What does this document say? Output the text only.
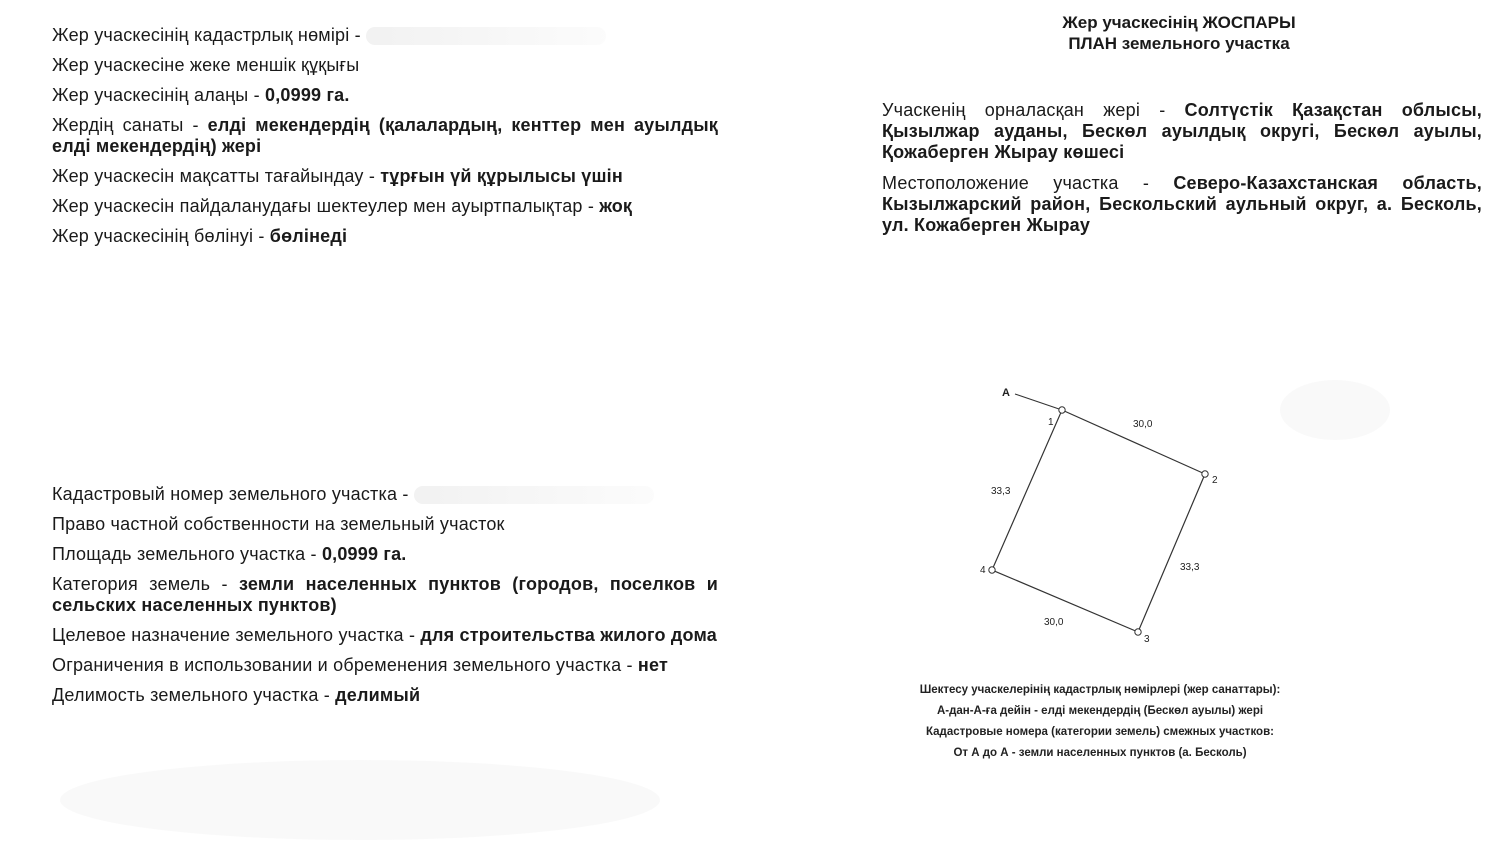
Жер учаскесінің кадастрлық нөмірі -

Жер учаскесіне жеке меншік құқығы

Жер учаскесінің алаңы - 0,0999 га.

Жердің санаты - елді мекендердің (қалалардың, кенттер мен ауылдық елді мекендердің) жері

Жер учаскесін мақсатты тағайындау - тұрғын үй құрылысы үшін

Жер учаскесін пайдаланудағы шектеулер мен ауыртпалықтар - жоқ

Жер учаскесінің бөлінуі - бөлінеді

Кадастровый номер земельного участка -

Право частной собственности на земельный участок

Площадь земельного участка - 0,0999 га.

Категория земель - земли населенных пунктов (городов, поселков и сельских населенных пунктов)

Целевое назначение земельного участка - для строительства жилого дома

Ограничения в использовании и обременения земельного участка - нет

Делимость земельного участка - делимый

Жер учаскесінің ЖОСПАРЫ
ПЛАН земельного участка

Учаскенің орналасқан жері - Солтүстік Қазақстан облысы, Қызылжар ауданы, Бескөл ауылдық округі, Бескөл ауылы, Қожаберген Жырау көшесі

Местоположение участка - Северо-Казахстанская область, Кызылжарский район, Бескольский аульный округ, а. Бесколь, ул. Кожаберген Жырау

А
1
2
3
4
30,0
33,3
30,0
33,3
Шектесу учаскелерінің кадастрлық нөмірлері (жер санаттары):
А-дан-А-ға дейін - елді мекендердің (Бескөл ауылы) жері
Кадастровые номера (категории земель) смежных участков:
От А до А - земли населенных пунктов (а. Бесколь)
